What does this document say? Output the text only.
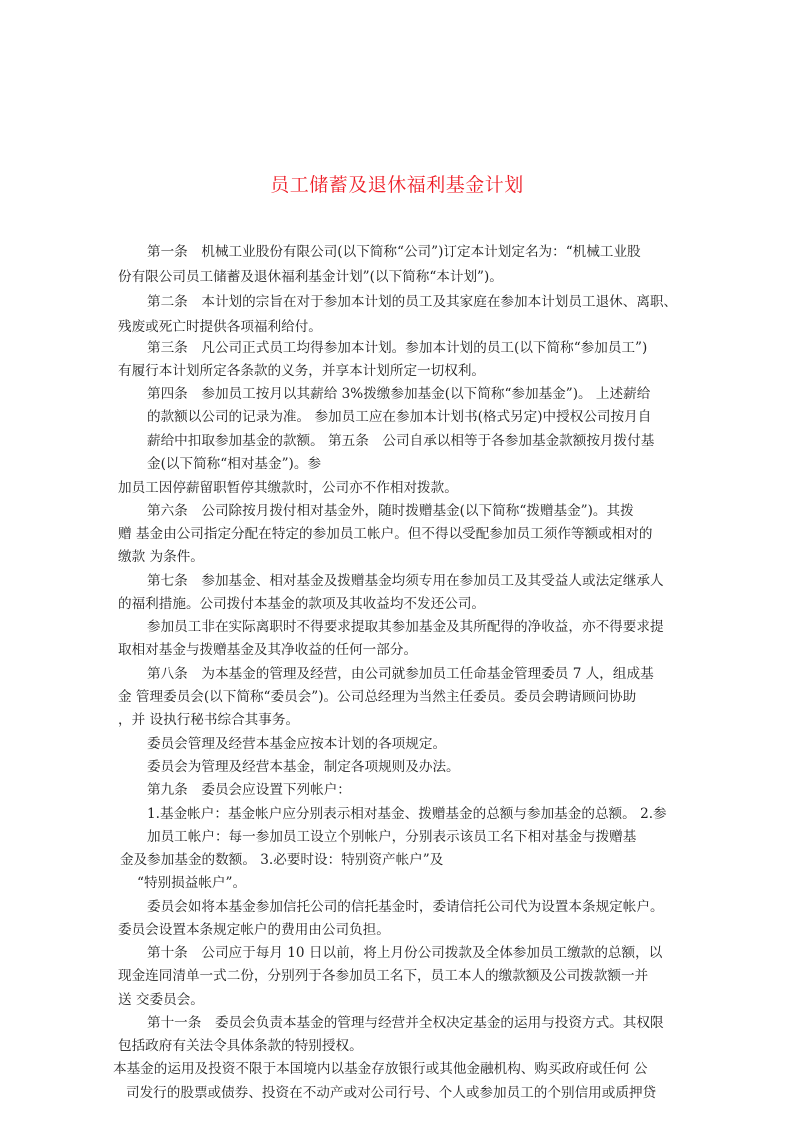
员工储蓄及退休福利基金计划
第一条　机械工业股份有限公司(以下简称“公司”)订定本计划定名为：“机械工业股
份有限公司员工储蓄及退休福利基金计划”(以下简称“本计划”)。
第二条　本计划的宗旨在对于参加本计划的员工及其家庭在参加本计划员工退休、离职、
残废或死亡时提供各项福利给付。
第三条　凡公司正式员工均得参加本计划。参加本计划的员工(以下简称“参加员工”)
有履行本计划所定各条款的义务，并享本计划所定一切权利。
第四条　参加员工按月以其薪给 3%拨缴参加基金(以下简称“参加基金”)。 上述薪给
的款额以公司的记录为准。 参加员工应在参加本计划书(格式另定)中授权公司按月自
薪给中扣取参加基金的款额。 第五条　公司自承以相等于各参加基金款额按月拨付基
金(以下简称“相对基金”)。参
加员工因停薪留职暂停其缴款时，公司亦不作相对拨款。
第六条　公司除按月拨付相对基金外，随时拨赠基金(以下简称“拨赠基金”)。其拨
赠 基金由公司指定分配在特定的参加员工帐户。但不得以受配参加员工须作等额或相对的
缴款 为条件。
第七条　参加基金、相对基金及拨赠基金均须专用在参加员工及其受益人或法定继承人
的福利措施。公司拨付本基金的款项及其收益均不发还公司。
参加员工非在实际离职时不得要求提取其参加基金及其所配得的净收益，亦不得要求提
取相对基金与拨赠基金及其净收益的任何一部分。
第八条　为本基金的管理及经营，由公司就参加员工任命基金管理委员 7 人，组成基
金 管理委员会(以下简称“委员会”)。公司总经理为当然主任委员。委员会聘请顾问协助
，并 设执行秘书综合其事务。
委员会管理及经营本基金应按本计划的各项规定。
委员会为管理及经营本基金，制定各项规则及办法。
第九条　委员会应设置下列帐户：
1.基金帐户：基金帐户应分别表示相对基金、拨赠基金的总额与参加基金的总额。 2.参
加员工帐户：每一参加员工设立个别帐户，分别表示该员工名下相对基金与拨赠基
金及参加基金的数额。 3.必要时设：特别资产帐户”及
“特别损益帐户”。
委员会如将本基金参加信托公司的信托基金时，委请信托公司代为设置本条规定帐户。
委员会设置本条规定帐户的费用由公司负担。
第十条　公司应于每月 10 日以前，将上月份公司拨款及全体参加员工缴款的总额，以
现金连同清单一式二份，分别列于各参加员工名下，员工本人的缴款额及公司拨款额一并
送 交委员会。
第十一条　委员会负责本基金的管理与经营并全权决定基金的运用与投资方式。其权限
包括政府有关法令具体条款的特别授权。
本基金的运用及投资不限于本国境内以基金存放银行或其他金融机构、购买政府或任何 公
司发行的股票或债券、投资在不动产或对公司行号、个人或参加员工的个别信用或质押贷
